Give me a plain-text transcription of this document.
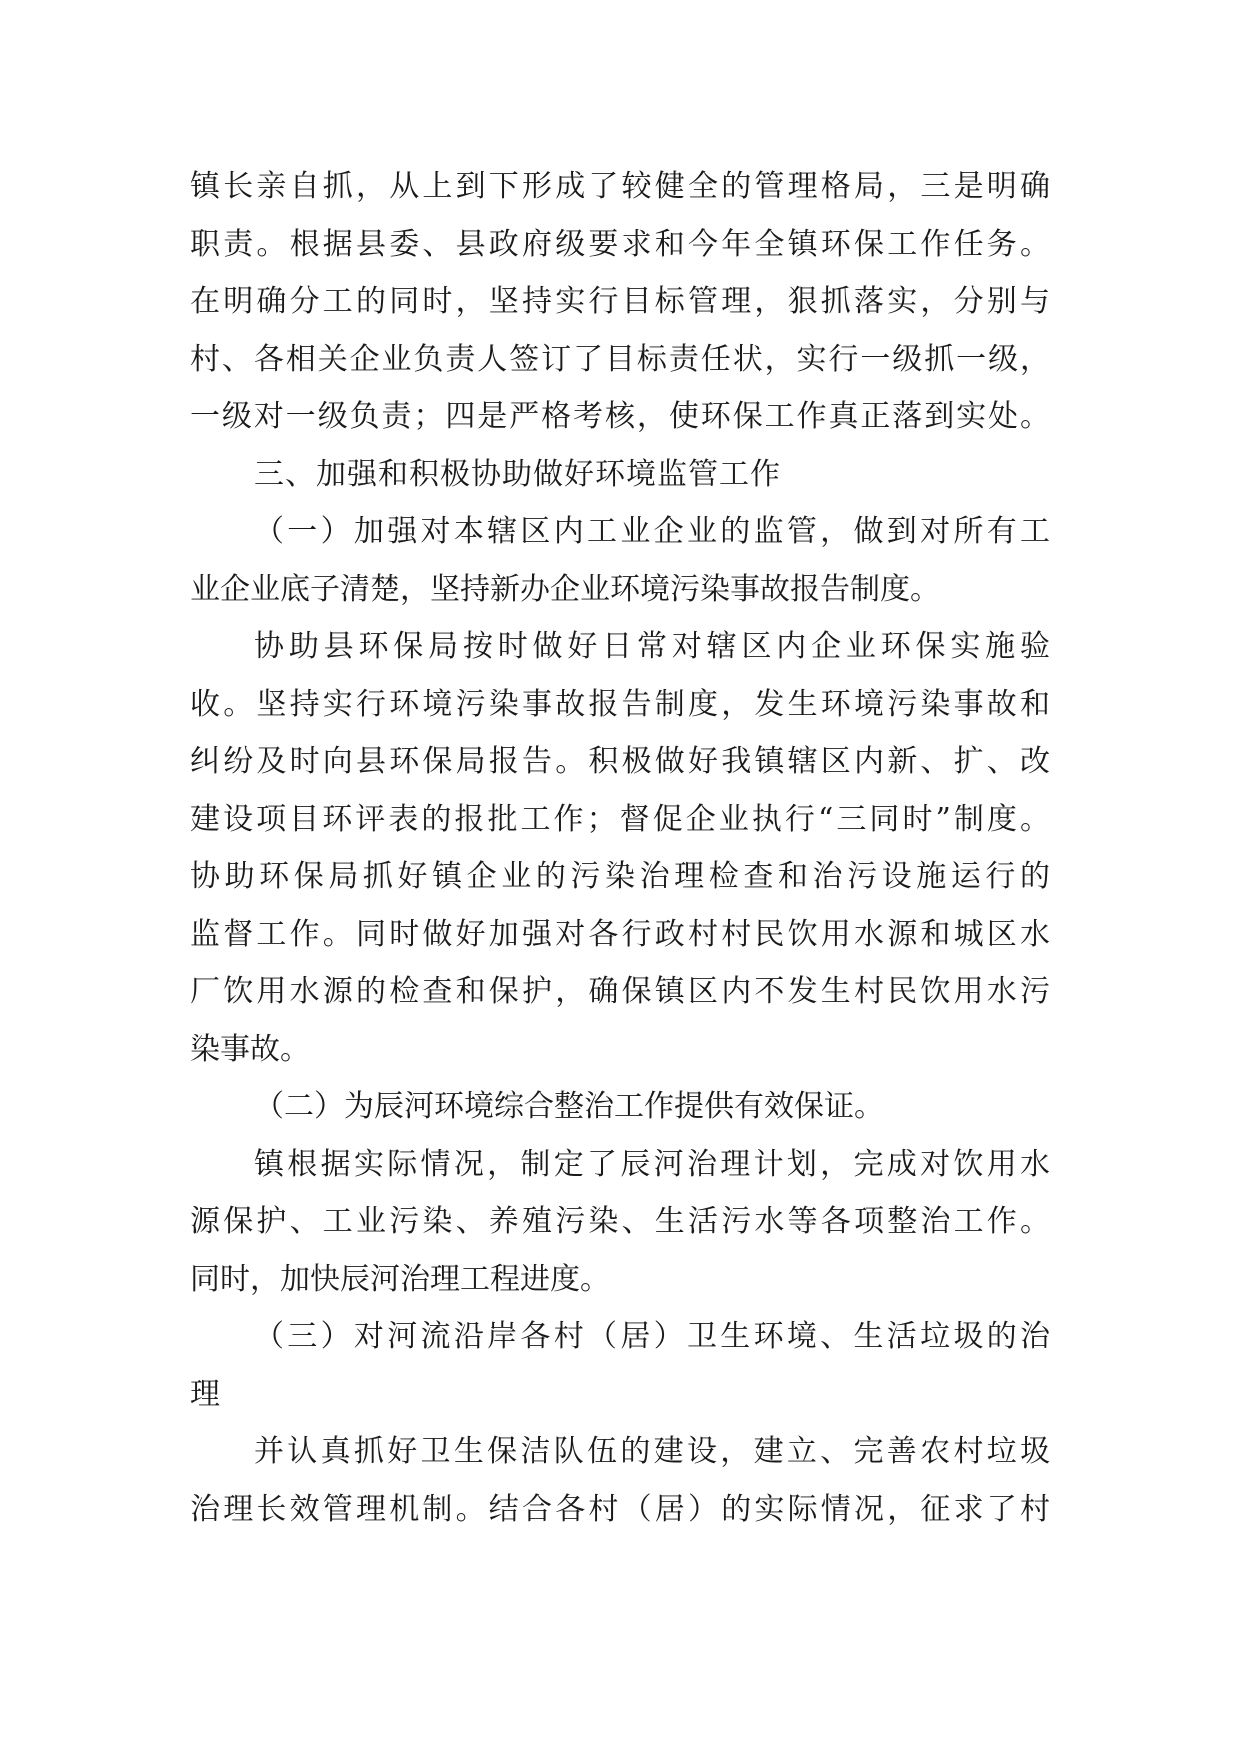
镇长亲自抓，从上到下形成了较健全的管理格局，三是明确
职责。根据县委、县政府级要求和今年全镇环保工作任务。
在明确分工的同时，坚持实行目标管理，狠抓落实，分别与
村、各相关企业负责人签订了目标责任状，实行一级抓一级，
一级对一级负责；四是严格考核，使环保工作真正落到实处。
三、加强和积极协助做好环境监管工作
（一）加强对本辖区内工业企业的监管，做到对所有工
业企业底子清楚，坚持新办企业环境污染事故报告制度。
协助县环保局按时做好日常对辖区内企业环保实施验
收。坚持实行环境污染事故报告制度，发生环境污染事故和
纠纷及时向县环保局报告。积极做好我镇辖区内新、扩、改
建设项目环评表的报批工作；督促企业执行“三同时”制度。
协助环保局抓好镇企业的污染治理检查和治污设施运行的
监督工作。同时做好加强对各行政村村民饮用水源和城区水
厂饮用水源的检查和保护，确保镇区内不发生村民饮用水污
染事故。
（二）为辰河环境综合整治工作提供有效保证。
镇根据实际情况，制定了辰河治理计划，完成对饮用水
源保护、工业污染、养殖污染、生活污水等各项整治工作。
同时，加快辰河治理工程进度。
（三）对河流沿岸各村（居）卫生环境、生活垃圾的治
理
并认真抓好卫生保洁队伍的建设，建立、完善农村垃圾
治理长效管理机制。结合各村（居）的实际情况，征求了村
